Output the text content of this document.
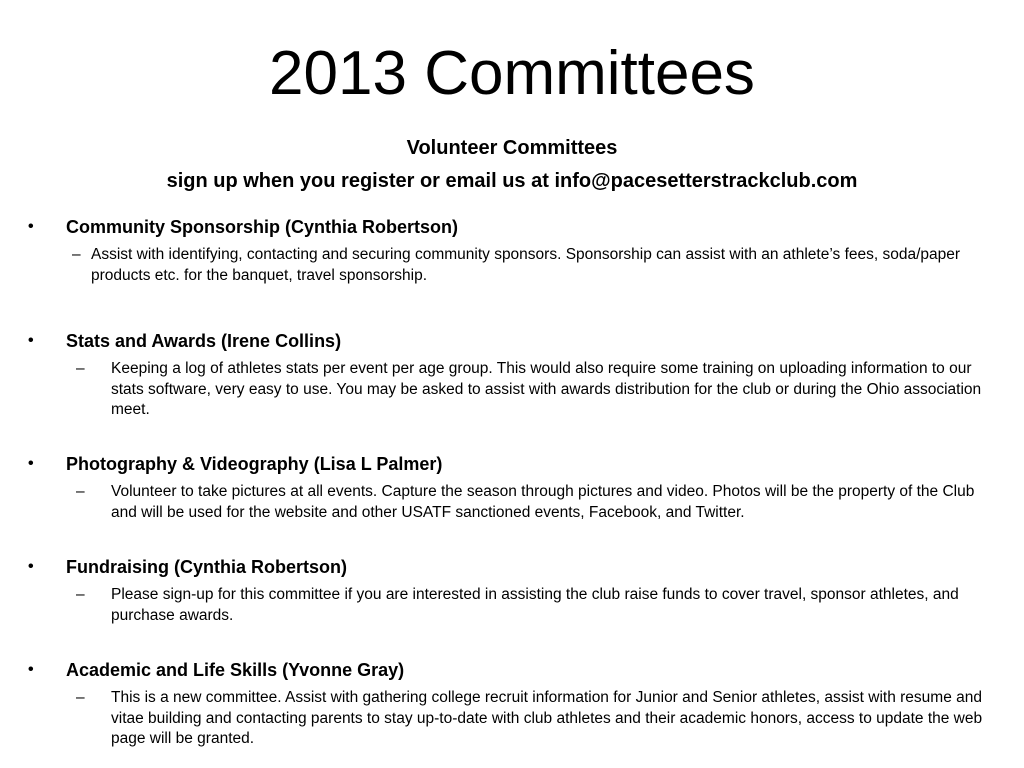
2013 Committees
Volunteer Committees
sign up when you register or email us at info@pacesetterstrackclub.com
• Community Sponsorship (Cynthia Robertson)
– Assist with identifying, contacting and securing community sponsors. Sponsorship can assist with an athlete’s fees, soda/paper products etc. for the banquet, travel sponsorship.
• Stats and Awards (Irene Collins)
– Keeping a log of athletes stats per event per age group. This would also require some training on uploading information to our stats software, very easy to use. You may be asked to assist with awards distribution for the club or during the Ohio association meet.
• Photography & Videography (Lisa L Palmer)
– Volunteer to take pictures at all events. Capture the season through pictures and video. Photos will be the property of the Club and will be used for the website and other USATF sanctioned events, Facebook, and Twitter.
• Fundraising (Cynthia Robertson)
– Please sign-up for this committee if you are interested in assisting the club raise funds to cover travel, sponsor athletes, and purchase awards.
• Academic and Life Skills (Yvonne Gray)
– This is a new committee. Assist with gathering college recruit information for Junior and Senior athletes, assist with resume and vitae building and contacting parents to stay up-to-date with club athletes and their academic honors, access to update the web page will be granted.
